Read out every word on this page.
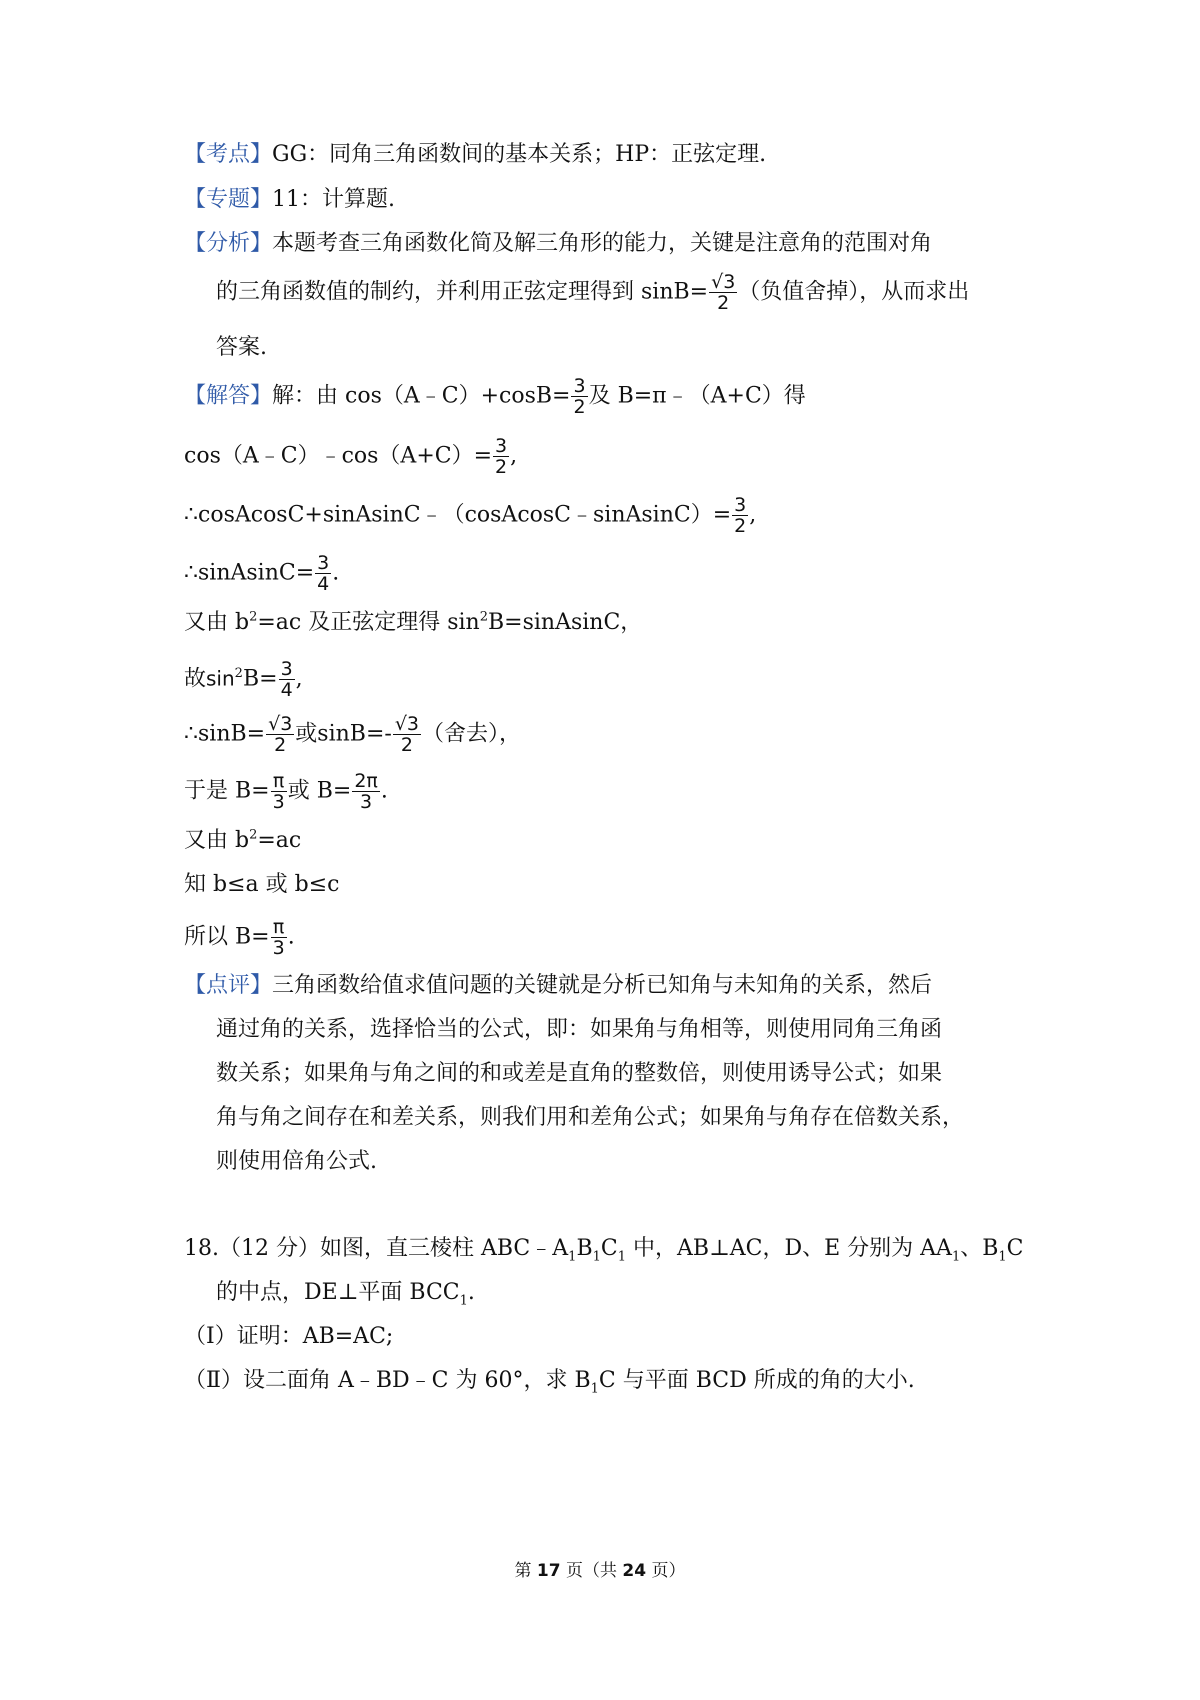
【考点】GG：同角三角函数间的基本关系；HP：正弦定理.
【专题】11：计算题.
【分析】本题考查三角函数化简及解三角形的能力，关键是注意角的范围对角
的三角函数值的制约，并利用正弦定理得到 $\sin B= \frac{√3}{2}$ （负值舍掉），从而求出
答案.
【解答】解：由 cos（A﹣C）+cosB= $\frac{3}{2}$ 及 B=π﹣（A+C）得
cos（A﹣C）﹣cos（A+C）= $\frac{3}{2}$ ,
∴cosAcosC+sinAsinC﹣（cosAcosC﹣sinAsinC）= $\frac{3}{2}$ ,
∴sinAsinC= $\frac{3}{4}$ .
又由 $b^2=ac$ 及正弦定理得 $\sin^2B=sinAsinC$，
故$\sin^2B= \frac{3}{4}$ ,
∴sinB= $\frac{√3}{2}$ 或$\sin B=- \frac{√3}{2}$ （舍去），
于是 $B= \frac{\pi}{3}$ 或 $B= \frac{2\pi}{3}$ .
又由 $b^2=ac$
知 b≤a 或 b≤c
所以 $B= \frac{\pi}{3}$ .
【点评】三角函数给值求值问题的关键就是分析已知角与未知角的关系，然后
通过角的关系，选择恰当的公式，即：如果角与角相等，则使用同角三角函
数关系；如果角与角之间的和或差是直角的整数倍，则使用诱导公式；如果
角与角之间存在和差关系，则我们用和差角公式；如果角与角存在倍数关系，
则使用倍角公式.
18.（12 分）如图，直三棱柱 $ABC﹣A_1B_1C_1$ 中，AB⊥AC，D、E 分别为 $AA_1$、$B_1C$
的中点，DE⊥平面 $BCC_1$.
（Ⅰ）证明：AB=AC;
（Ⅱ）设二面角 A﹣BD﹣C 为 60°，求 $B_1C$ 与平面 BCD 所成的角的大小.
第 17 页（共 24 页）
